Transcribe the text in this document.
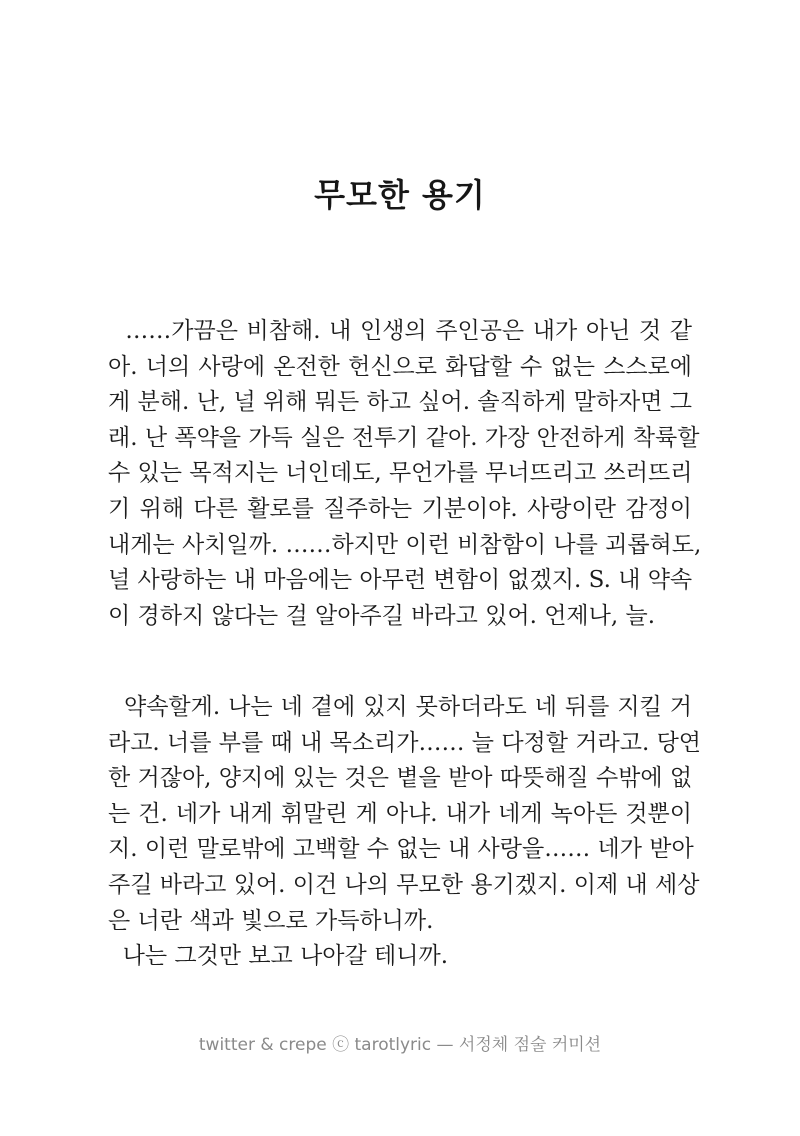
무모한 용기
……가끔은 비참해. 내 인생의 주인공은 내가 아닌 것 같
아. 너의 사랑에 온전한 헌신으로 화답할 수 없는 스스로에
게 분해. 난, 널 위해 뭐든 하고 싶어. 솔직하게 말하자면 그
래. 난 폭약을 가득 실은 전투기 같아. 가장 안전하게 착륙할
수 있는 목적지는 너인데도, 무언가를 무너뜨리고 쓰러뜨리
기 위해 다른 활로를 질주하는 기분이야. 사랑이란 감정이
내게는 사치일까. ……하지만 이런 비참함이 나를 괴롭혀도,
널 사랑하는 내 마음에는 아무런 변함이 없겠지. S. 내 약속
이 경하지 않다는 걸 알아주길 바라고 있어. 언제나, 늘.
약속할게. 나는 네 곁에 있지 못하더라도 네 뒤를 지킬 거
라고. 너를 부를 때 내 목소리가…… 늘 다정할 거라고. 당연
한 거잖아, 양지에 있는 것은 볕을 받아 따뜻해질 수밖에 없
는 건. 네가 내게 휘말린 게 아냐. 내가 네게 녹아든 것뿐이
지. 이런 말로밖에 고백할 수 없는 내 사랑을…… 네가 받아
주길 바라고 있어. 이건 나의 무모한 용기겠지. 이제 내 세상
은 너란 색과 빛으로 가득하니까.
나는 그것만 보고 나아갈 테니까.

twitter & crepe ⓒ tarotlyric — 서정체 점술 커미션
